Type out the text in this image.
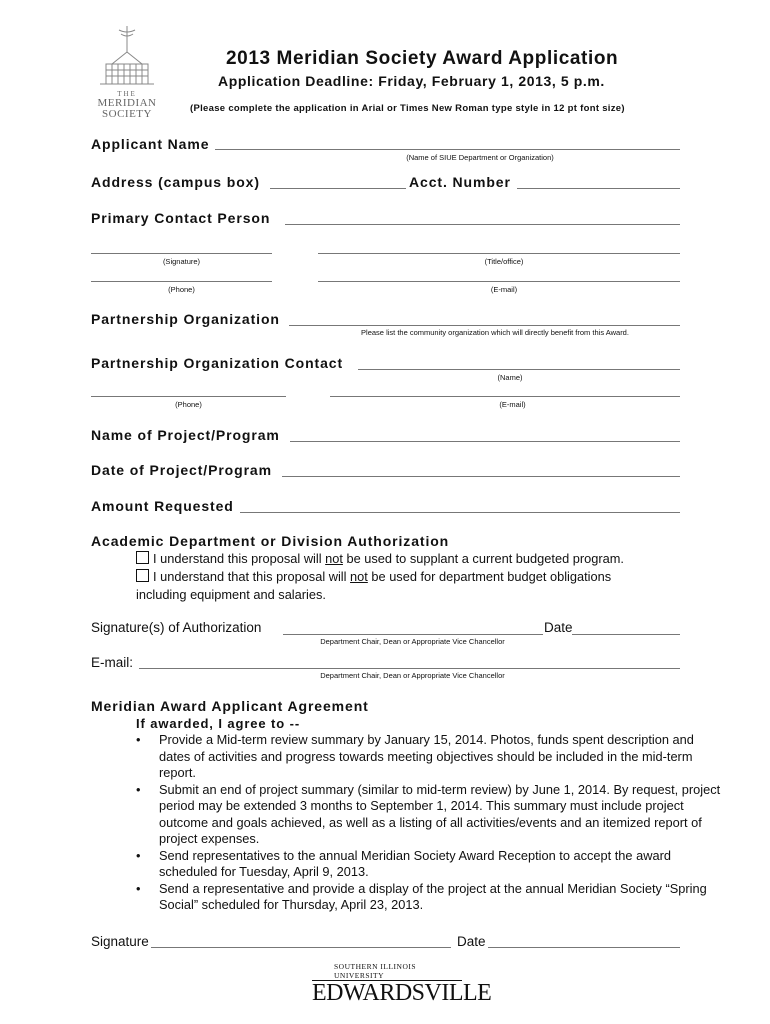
THE
MERIDIAN
SOCIETY
2013 Meridian Society Award Application
Application Deadline: Friday, February 1, 2013, 5 p.m.
(Please complete the application in Arial or Times New Roman type style in 12 pt font size)
Applicant Name
(Name of SIUE Department or Organization)
Address (campus box)	Acct. Number
Primary Contact Person
(Signature)	(Title/office)
(Phone)	(E-mail)
Partnership Organization
Please list the community organization which will directly benefit from this Award.
Partnership Organization Contact
(Name)
(Phone)	(E-mail)
Name of Project/Program
Date of Project/Program
Amount Requested
Academic Department or Division Authorization
I understand this proposal will not be used to supplant a current budgeted program.
I understand that this proposal will not be used for department budget obligations
including equipment and salaries.
Signature(s) of Authorization	Date
Department Chair, Dean or Appropriate Vice Chancellor
E-mail:
Department Chair, Dean or Appropriate Vice Chancellor
Meridian Award Applicant Agreement
If awarded, I agree to --
• Provide a Mid-term review summary by January 15, 2014. Photos, funds spent description and dates of activities and progress towards meeting objectives should be included in the mid-term report.
• Submit an end of project summary (similar to mid-term review) by June 1, 2014. By request, project period may be extended 3 months to September 1, 2014. This summary must include project outcome and goals achieved, as well as a listing of all activities/events and an itemized report of project expenses.
• Send representatives to the annual Meridian Society Award Reception to accept the award scheduled for Tuesday, April 9, 2013.
• Send a representative and provide a display of the project at the annual Meridian Society “Spring Social” scheduled for Thursday, April 23, 2013.
Signature	Date
SOUTHERN ILLINOIS UNIVERSITY
EDWARDSVILLE
